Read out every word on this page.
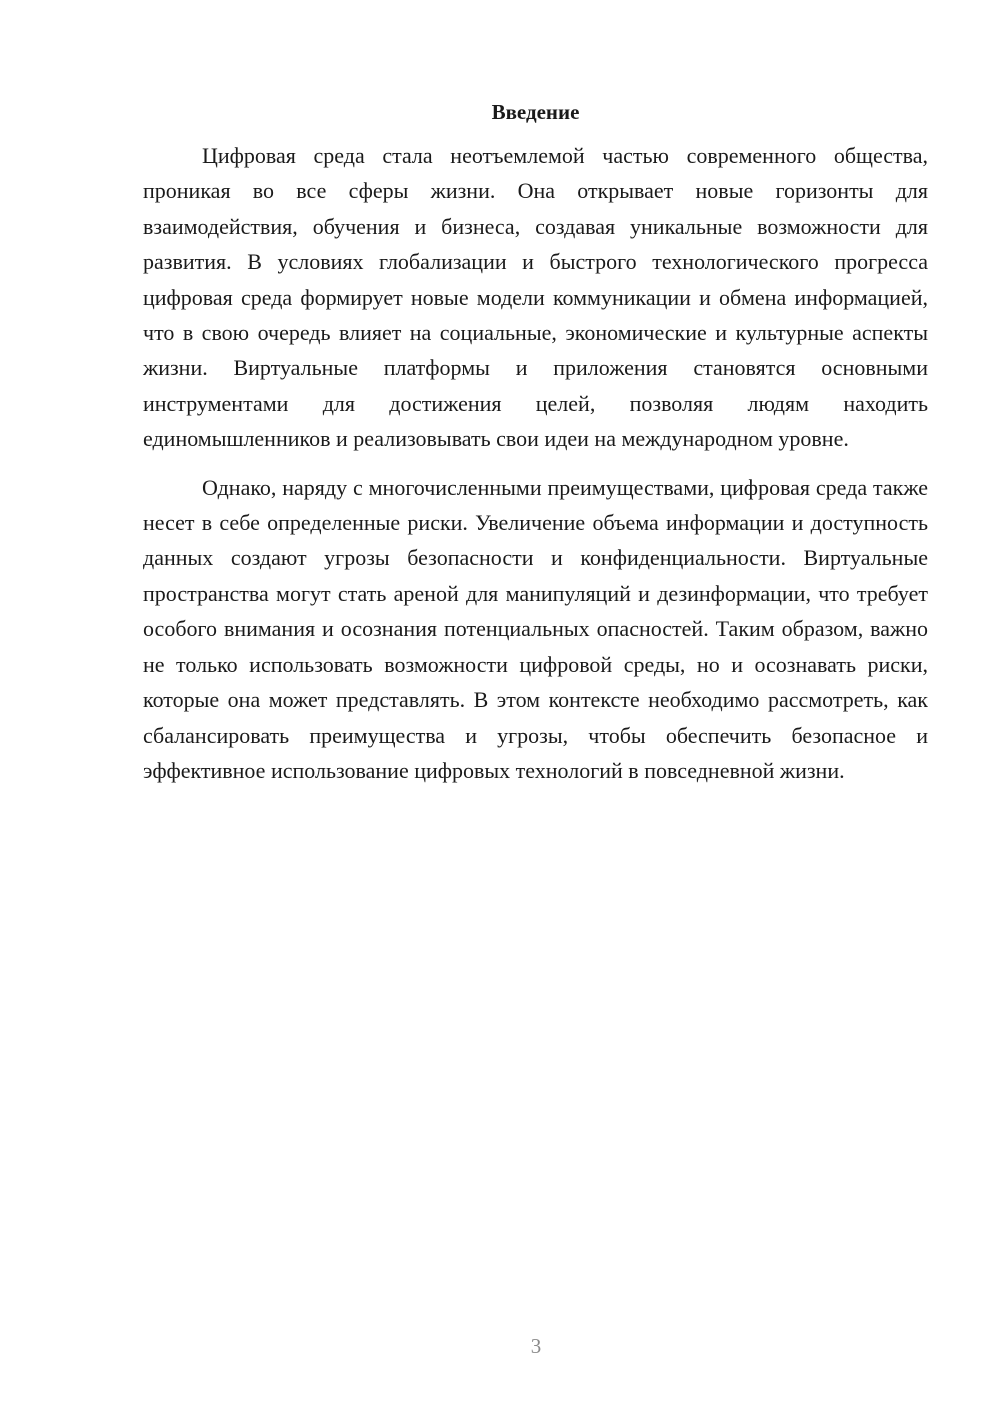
Введение

Цифровая среда стала неотъемлемой частью современного общества, проникая во все сферы жизни. Она открывает новые горизонты для взаимодействия, обучения и бизнеса, создавая уникальные возможности для развития. В условиях глобализации и быстрого технологического прогресса цифровая среда формирует новые модели коммуникации и обмена информацией, что в свою очередь влияет на социальные, экономические и культурные аспекты жизни. Виртуальные платформы и приложения становятся основными инструментами для достижения целей, позволяя людям находить единомышленников и реализовывать свои идеи на международном уровне.

Однако, наряду с многочисленными преимуществами, цифровая среда также несет в себе определенные риски. Увеличение объема информации и доступность данных создают угрозы безопасности и конфиденциальности. Виртуальные пространства могут стать ареной для манипуляций и дезинформации, что требует особого внимания и осознания потенциальных опасностей. Таким образом, важно не только использовать возможности цифровой среды, но и осознавать риски, которые она может представлять. В этом контексте необходимо рассмотреть, как сбалансировать преимущества и угрозы, чтобы обеспечить безопасное и эффективное использование цифровых технологий в повседневной жизни.

3
